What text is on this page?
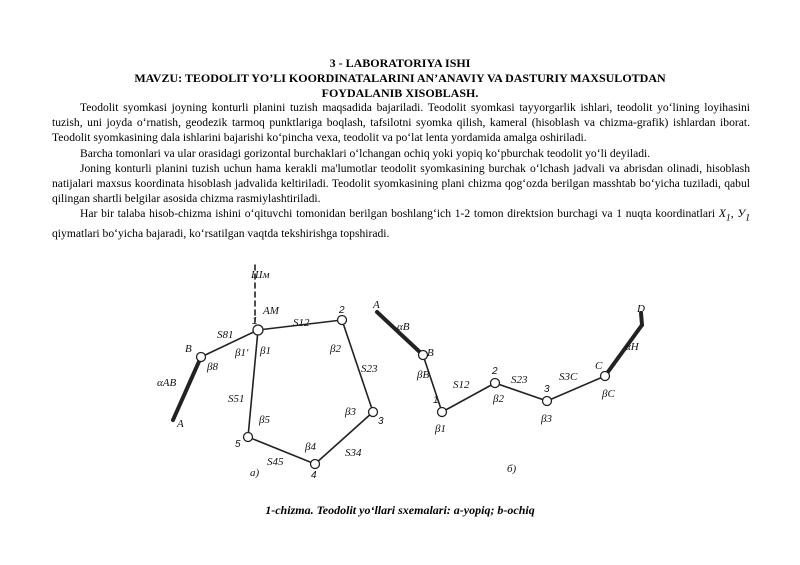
3 - LABORATORIYA ISHI
MAVZU: TEODOLIT YO’LI KOORDINATALARINI AN’ANAVIY VA DASTURIY MAXSULOTDAN
FOYDALANIB XISOBLASH.

Teodolit syomkasi joyning konturli planini tuzish maqsadida bajariladi. Teodolit syomkasi tayyorgarlik ishlari, teodolit yo‘lining loyihasini tuzish, uni joyda o‘rnatish, geodezik tarmoq punktlariga boqlash, tafsilotni syomka qilish, kameral (hisoblash va chizma-grafik) ishlardan iborat. Teodolit syomkasining dala ishlarini bajarishi ko‘pincha vexa, teodolit va po‘lat lenta yordamida amalga oshiriladi.

Barcha tomonlari va ular orasidagi gorizontal burchaklari o‘lchangan ochiq yoki yopiq ko‘pburchak teodolit yo‘li deyiladi.

Joning konturli planini tuzish uchun hama kerakli ma'lumotlar teodolit syomkasining burchak o‘lchash jadvali va abrisdan olinadi, hisoblash natijalari maxsus koordinata hisoblash jadvalida keltiriladi. Teodolit syomkasining plani chizma qog‘ozda berilgan masshtab bo‘yicha tuziladi, qabul qilingan shartli belgilar asosida chizma rasmiylashtiriladi.

Har bir talaba hisob-chizma ishini o‘qituvchi tomonidan berilgan boshlang‘ich 1-2 tomon direktsion burchagi va 1 nuqta koordinatlari $X_1$, $У_1$ qiymatlari bo‘yicha bajaradi, ko‘rsatilgan vaqtda tekshirishga topshiradi.

Шм
A
B
1
2
3
4
5
β8
β1' β1	β2
β3
β4
β5
S81
S12
S23
S34
S45
S51
αAB
AM
a)
A
B
1
2
3
C
D
βB
β1
β2
β3
βC
S12	S23	S3C
αB
αH
б)
1-chizma. Teodolit yo‘llari sxemalari: a-yopiq; b-ochiq
